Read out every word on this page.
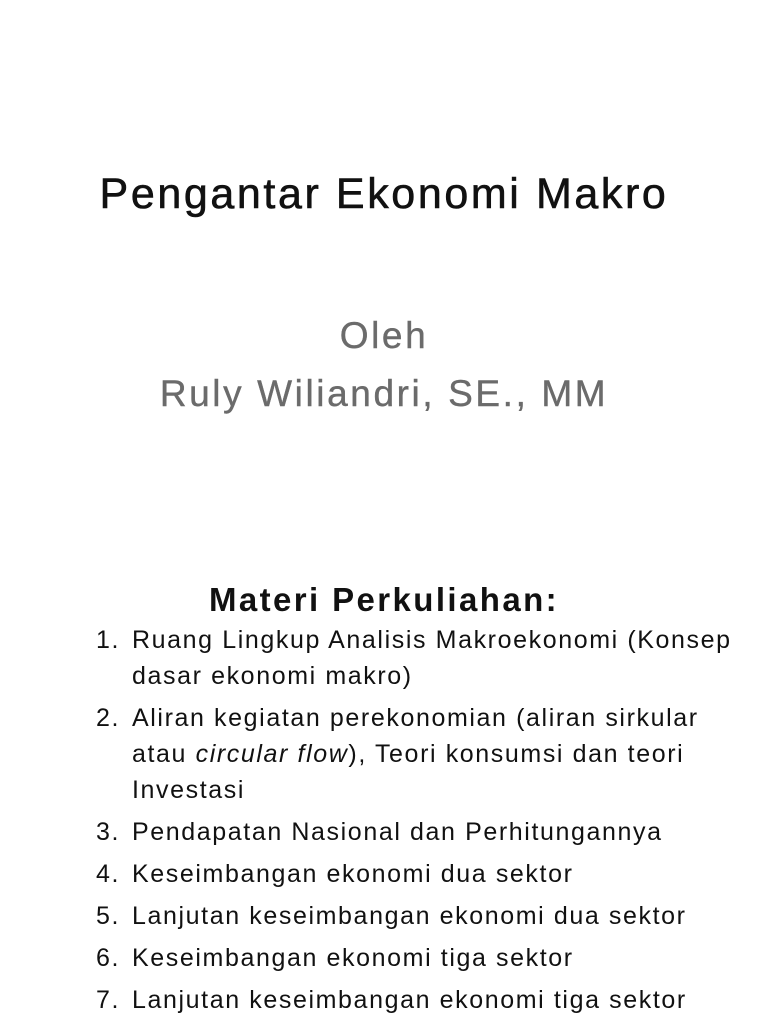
Pengantar Ekonomi Makro

Oleh

Ruly Wiliandri, SE., MM

Materi Perkuliahan:
1. Ruang Lingkup Analisis Makroekonomi (Konsep dasar ekonomi makro)
2. Aliran kegiatan perekonomian (aliran sirkular atau circular flow), Teori konsumsi dan teori Investasi
3. Pendapatan Nasional dan Perhitungannya
4. Keseimbangan ekonomi dua sektor
5. Lanjutan keseimbangan ekonomi dua sektor
6. Keseimbangan ekonomi tiga sektor
7. Lanjutan keseimbangan ekonomi tiga sektor
